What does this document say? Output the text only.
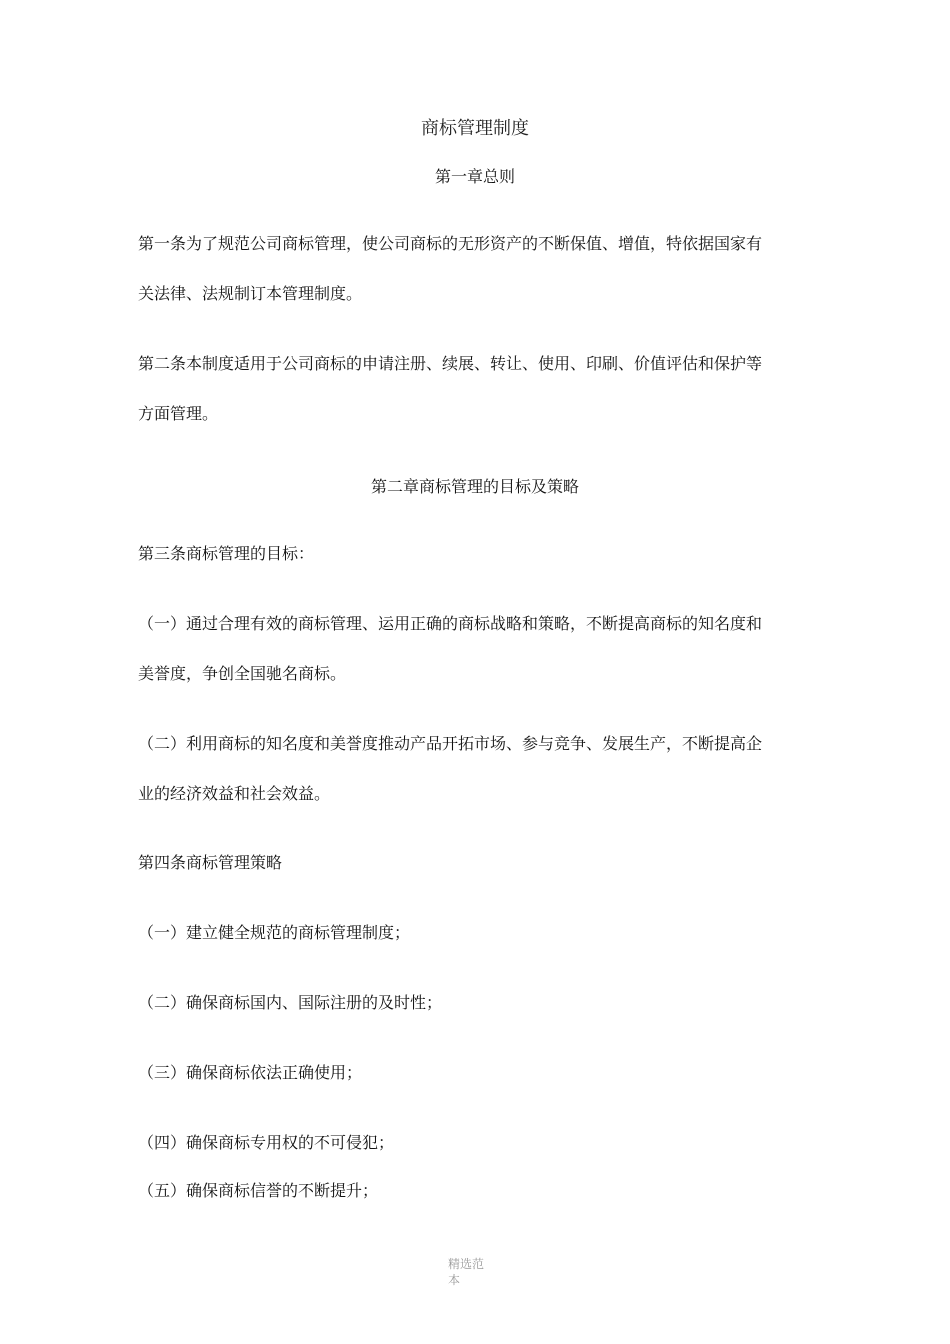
商标管理制度
第一章总则
第一条为了规范公司商标管理，使公司商标的无形资产的不断保值、增值，特依据国家有
关法律、法规制订本管理制度。
第二条本制度适用于公司商标的申请注册、续展、转让、使用、印刷、价值评估和保护等
方面管理。
第二章商标管理的目标及策略
第三条商标管理的目标：
（一）通过合理有效的商标管理、运用正确的商标战略和策略，不断提高商标的知名度和
美誉度，争创全国驰名商标。
（二）利用商标的知名度和美誉度推动产品开拓市场、参与竞争、发展生产，不断提高企
业的经济效益和社会效益。
第四条商标管理策略
（一）建立健全规范的商标管理制度；
（二）确保商标国内、国际注册的及时性；
（三）确保商标依法正确使用；
（四）确保商标专用权的不可侵犯；
（五）确保商标信誉的不断提升；
精选范
本
